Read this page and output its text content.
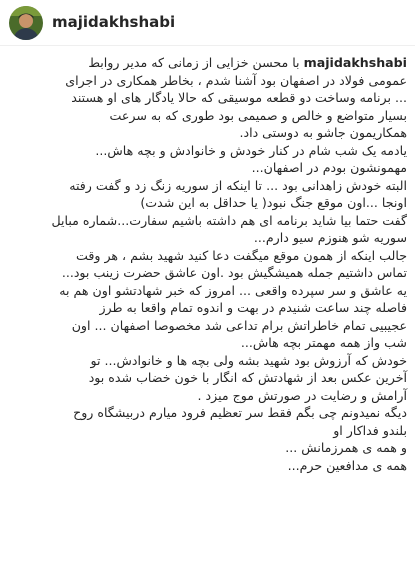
majidakhshabi
majidakhshabi با محسن خزایی از زمانی که مدیر روابط
عمومی فولاد در اصفهان بود آشنا شدم ، بخاطر همکاری در اجرای
... برنامه وساخت دو قطعه موسیقی که حالا یادگار های او هستند
بسیار متواضع و خالص و صمیمی بود طوری که به سرعت
همکاریمون جاشو به دوستی داد.
یادمه یک شب شام در کنار خودش و خانوادش و بچه هاش...
مهمونشون بودم در اصفهان...
البته خودش زاهدانی بود ... تا اینکه از سوریه زنگ زد و گفت رفته
اونجا ...اون موقع جنگ نبود( یا حداقل به این شدت)
گفت حتما بیا شاید برنامه ای هم داشته باشیم سفارت...شماره مبایل
سوریه شو هنوزم سیو دارم...
جالب اینکه از همون موقع میگفت دعا کنید شهید بشم ، هر وقت
تماس داشتیم جمله همیشگیش بود .اون عاشق حضرت زینب بود...
یه عاشق و سر سپرده واقعی ... امروز که خبر شهادتشو اون هم به
فاصله چند ساعت شنیدم در بهت و اندوه تمام واقعا به طرز
عجیبیی تمام خاطراتش برام تداعی شد مخصوصا اصفهان ... اون
شب واز همه مهمتر بچه هاش...
خودش که آرزوش بود شهید بشه ولی بچه ها و خانوادش... تو
آخرین عکس بعد از شهادتش که انگار با خون خضاب شده بود
آرامش و رضایت در صورتش موج میزد .
دیگه نمیدونم چی بگم فقط سر تعظیم فرود میارم دربیشگاه روح
بلندو فداکار او
و همه ی همرزمانش ...
همه ی مدافعین حرم...
